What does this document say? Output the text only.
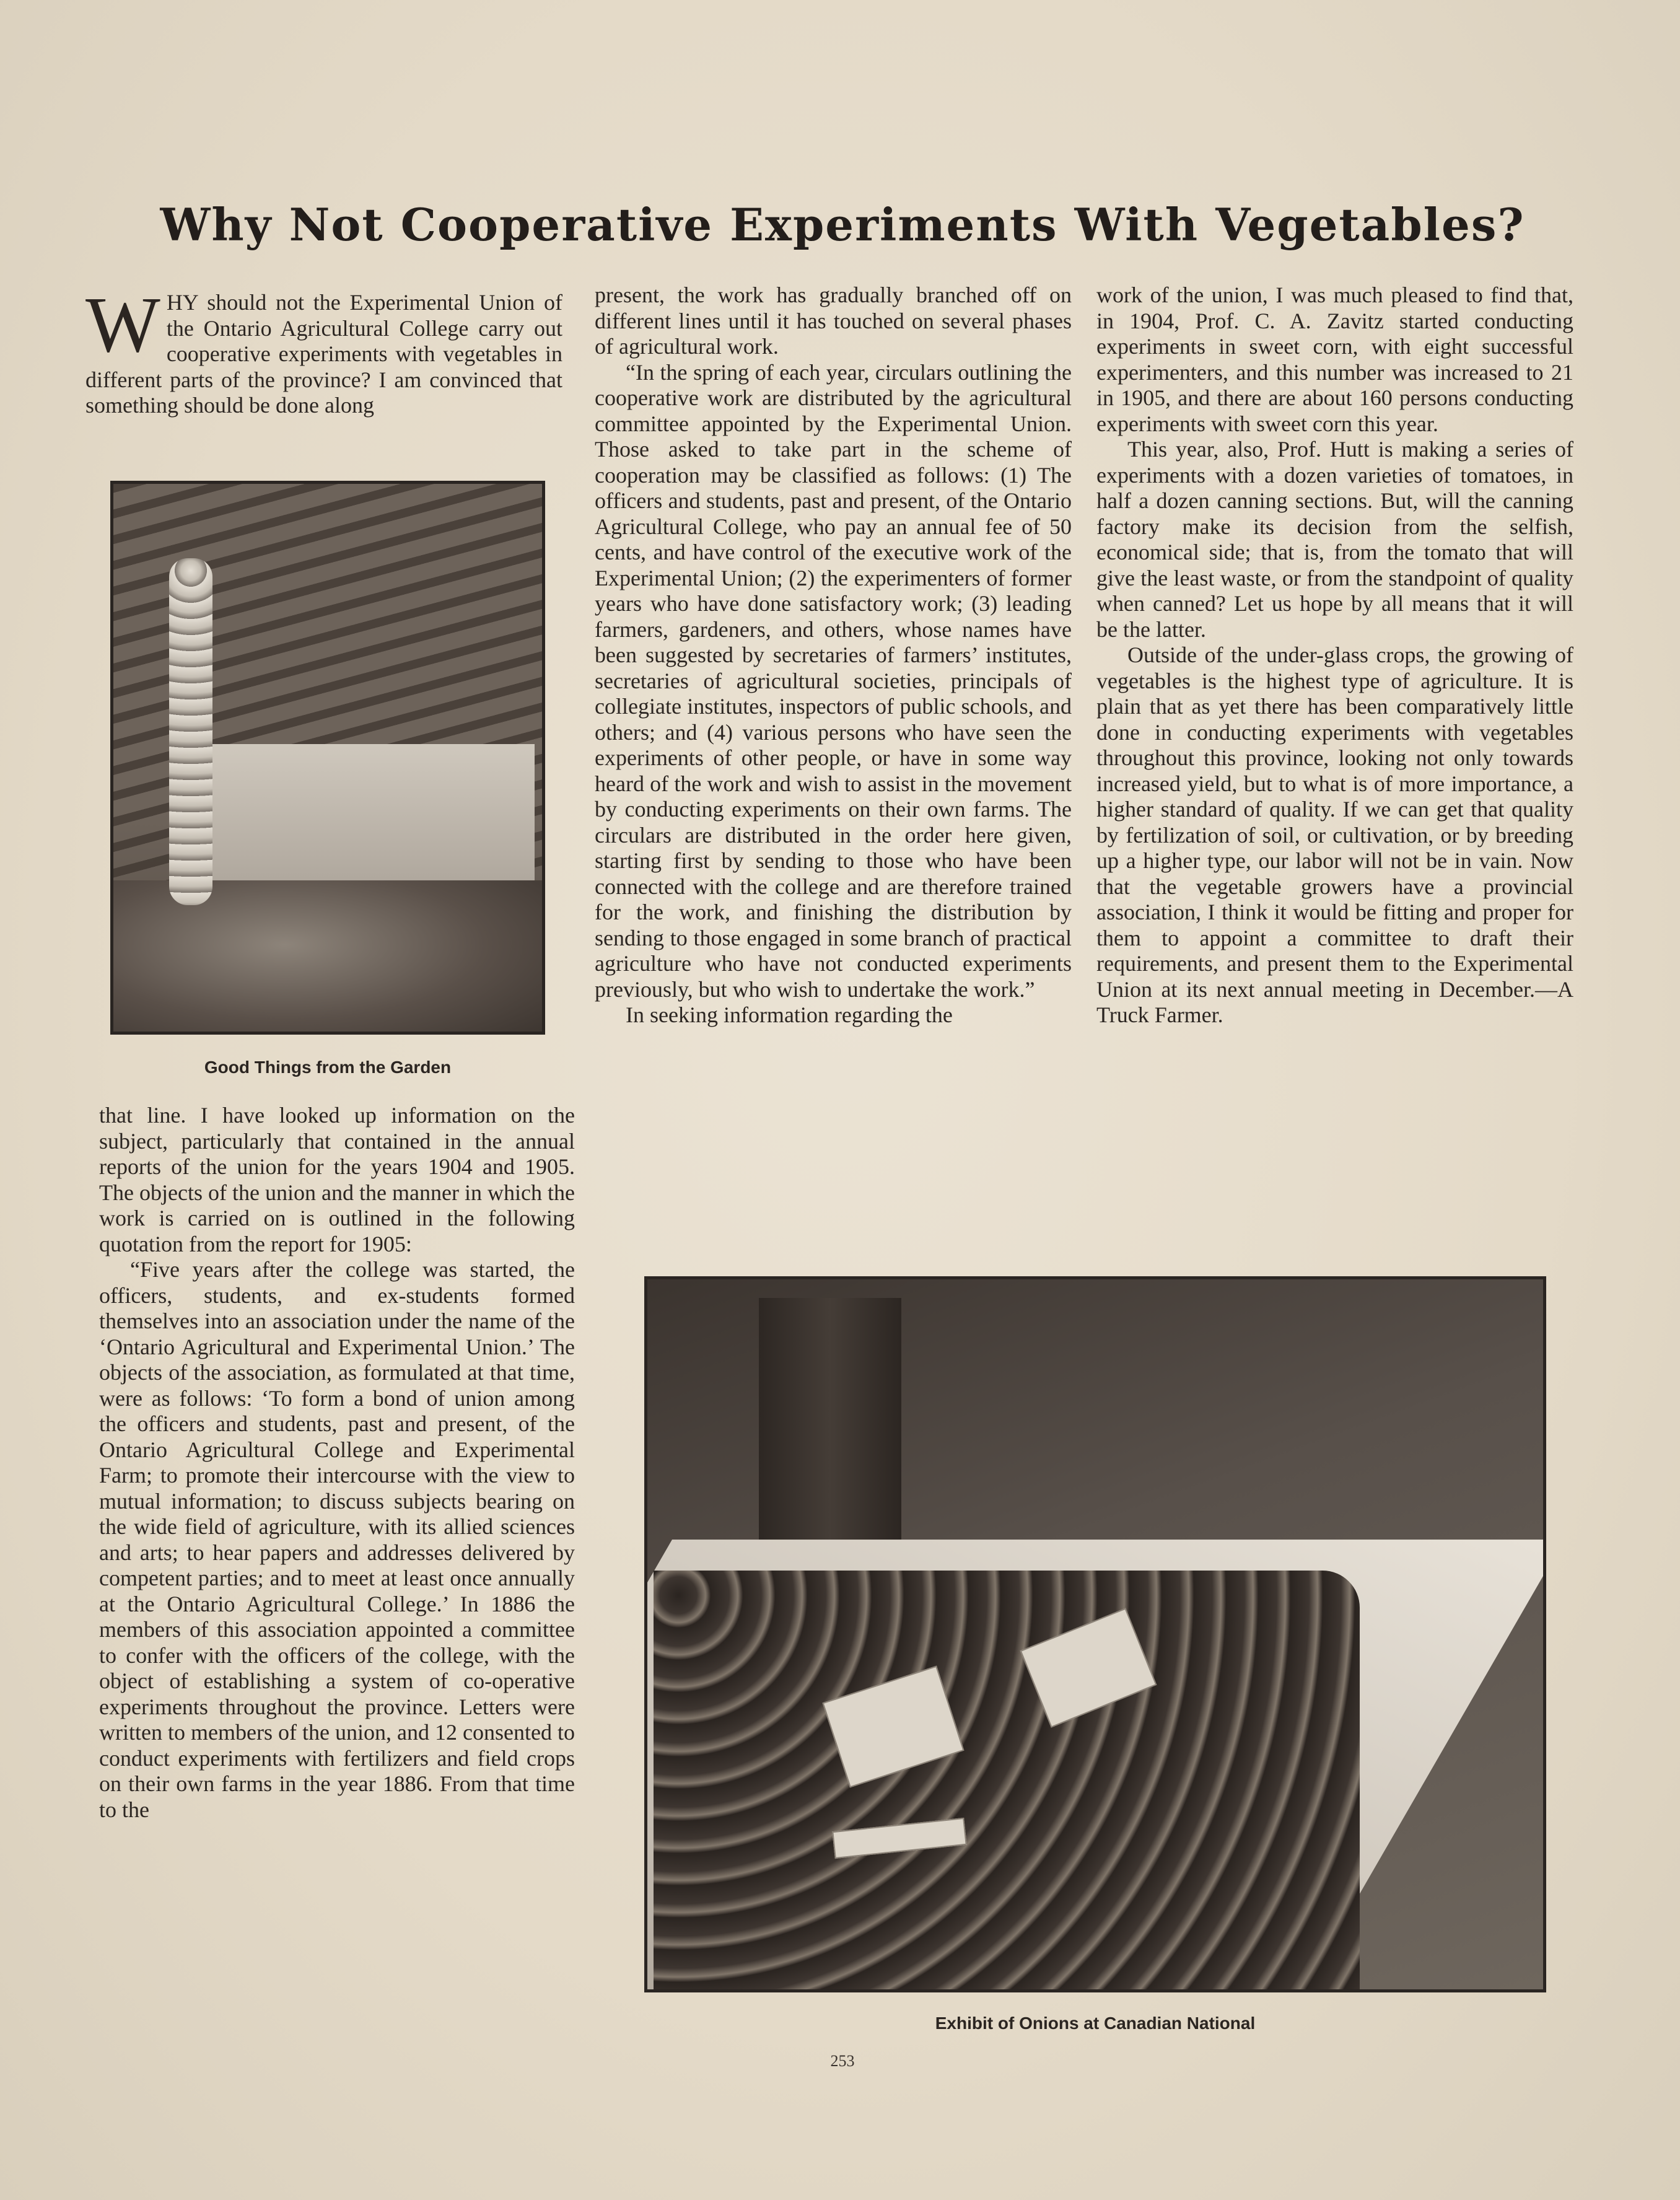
Why Not Cooperative Experiments With Vegetables?

WHY should not the Experimental Union of the Ontario Agricultural College carry out cooperative experiments with vegetables in different parts of the province? I am convinced that something should be done along

Good Things from the Garden

that line. I have looked up information on the subject, particularly that contained in the annual reports of the union for the years 1904 and 1905. The objects of the union and the manner in which the work is carried on is outlined in the following quotation from the report for 1905:

“Five years after the college was started, the officers, students, and ex-students formed themselves into an association under the name of the ‘Ontario Agricultural and Experimental Union.’ The objects of the association, as formulated at that time, were as follows: ‘To form a bond of union among the officers and students, past and present, of the Ontario Agricultural College and Experimental Farm; to promote their intercourse with the view to mutual information; to discuss subjects bearing on the wide field of agriculture, with its allied sciences and arts; to hear papers and addresses delivered by competent parties; and to meet at least once annually at the Ontario Agricultural College.’ In 1886 the members of this association appointed a committee to confer with the officers of the college, with the object of establishing a system of co-operative experiments throughout the province. Letters were written to members of the union, and 12 consented to conduct experiments with fertilizers and field crops on their own farms in the year 1886. From that time to the

present, the work has gradually branched off on different lines until it has touched on several phases of agricultural work.

“In the spring of each year, circulars outlining the cooperative work are distributed by the agricultural committee appointed by the Experimental Union. Those asked to take part in the scheme of cooperation may be classified as follows: (1) The officers and students, past and present, of the Ontario Agricultural College, who pay an annual fee of 50 cents, and have control of the executive work of the Experimental Union; (2) the experimenters of former years who have done satisfactory work; (3) leading farmers, gardeners, and others, whose names have been suggested by secretaries of farmers’ institutes, secretaries of agricultural societies, principals of collegiate institutes, inspectors of public schools, and others; and (4) various persons who have seen the experiments of other people, or have in some way heard of the work and wish to assist in the movement by conducting experiments on their own farms. The circulars are distributed in the order here given, starting first by sending to those who have been connected with the college and are therefore trained for the work, and finishing the distribution by sending to those engaged in some branch of practical agriculture who have not conducted experiments previously, but who wish to undertake the work.”

In seeking information regarding the

work of the union, I was much pleased to find that, in 1904, Prof. C. A. Zavitz started conducting experiments in sweet corn, with eight successful experimenters, and this number was increased to 21 in 1905, and there are about 160 persons conducting experiments with sweet corn this year.

This year, also, Prof. Hutt is making a series of experiments with a dozen varieties of tomatoes, in half a dozen canning sections. But, will the canning factory make its decision from the selfish, economical side; that is, from the tomato that will give the least waste, or from the standpoint of quality when canned? Let us hope by all means that it will be the latter.

Outside of the under-glass crops, the growing of vegetables is the highest type of agriculture. It is plain that as yet there has been comparatively little done in conducting experiments with vegetables throughout this province, looking not only towards increased yield, but to what is of more importance, a higher standard of quality. If we can get that quality by fertilization of soil, or cultivation, or by breeding up a higher type, our labor will not be in vain. Now that the vegetable growers have a provincial association, I think it would be fitting and proper for them to appoint a committee to draft their requirements, and present them to the Experimental Union at its next annual meeting in December.—A Truck Farmer.

Exhibit of Onions at Canadian National
253
